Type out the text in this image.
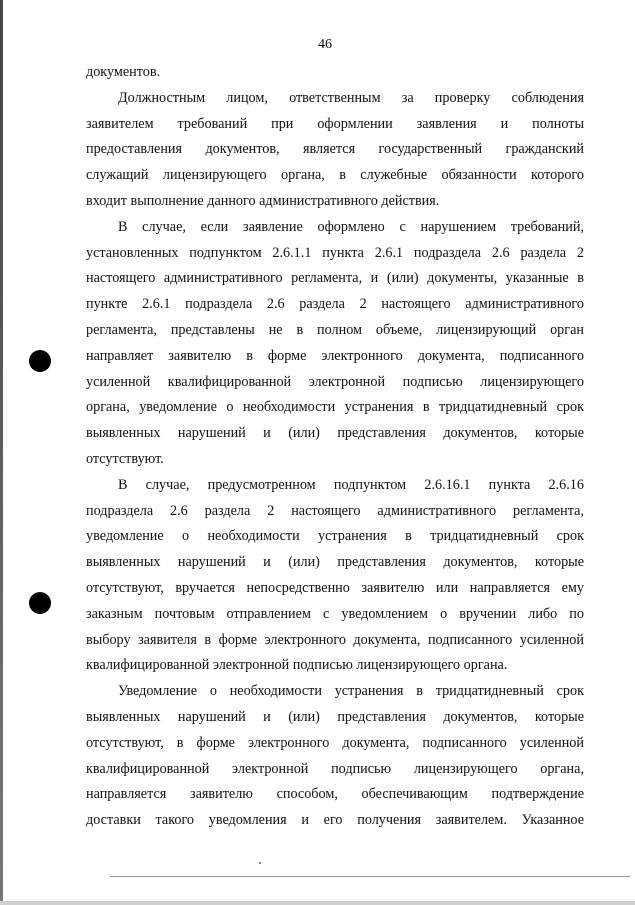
46
документов.
Должностным лицом, ответственным за проверку соблюдения
заявителем требований при оформлении заявления и полноты
предоставления документов, является государственный гражданский
служащий лицензирующего органа, в служебные обязанности которого
входит выполнение данного административного действия.
В случае, если заявление оформлено с нарушением требований,
установленных подпунктом 2.6.1.1 пункта 2.6.1 подраздела 2.6 раздела 2
настоящего административного регламента, и (или) документы, указанные в
пункте 2.6.1 подраздела 2.6 раздела 2 настоящего административного
регламента, представлены не в полном объеме, лицензирующий орган
направляет заявителю в форме электронного документа, подписанного
усиленной квалифицированной электронной подписью лицензирующего
органа, уведомление о необходимости устранения в тридцатидневный срок
выявленных нарушений и (или) представления документов, которые
отсутствуют.
В случае, предусмотренном подпунктом 2.6.16.1 пункта 2.6.16
подраздела 2.6 раздела 2 настоящего административного регламента,
уведомление о необходимости устранения в тридцатидневный срок
выявленных нарушений и (или) представления документов, которые
отсутствуют, вручается непосредственно заявителю или направляется ему
заказным почтовым отправлением с уведомлением о вручении либо по
выбору заявителя в форме электронного документа, подписанного усиленной
квалифицированной электронной подписью лицензирующего органа.
Уведомление о необходимости устранения в тридцатидневный срок
выявленных нарушений и (или) представления документов, которые
отсутствуют, в форме электронного документа, подписанного усиленной
квалифицированной электронной подписью лицензирующего органа,
направляется заявителю способом, обеспечивающим подтверждение
доставки такого уведомления и его получения заявителем. Указанное
